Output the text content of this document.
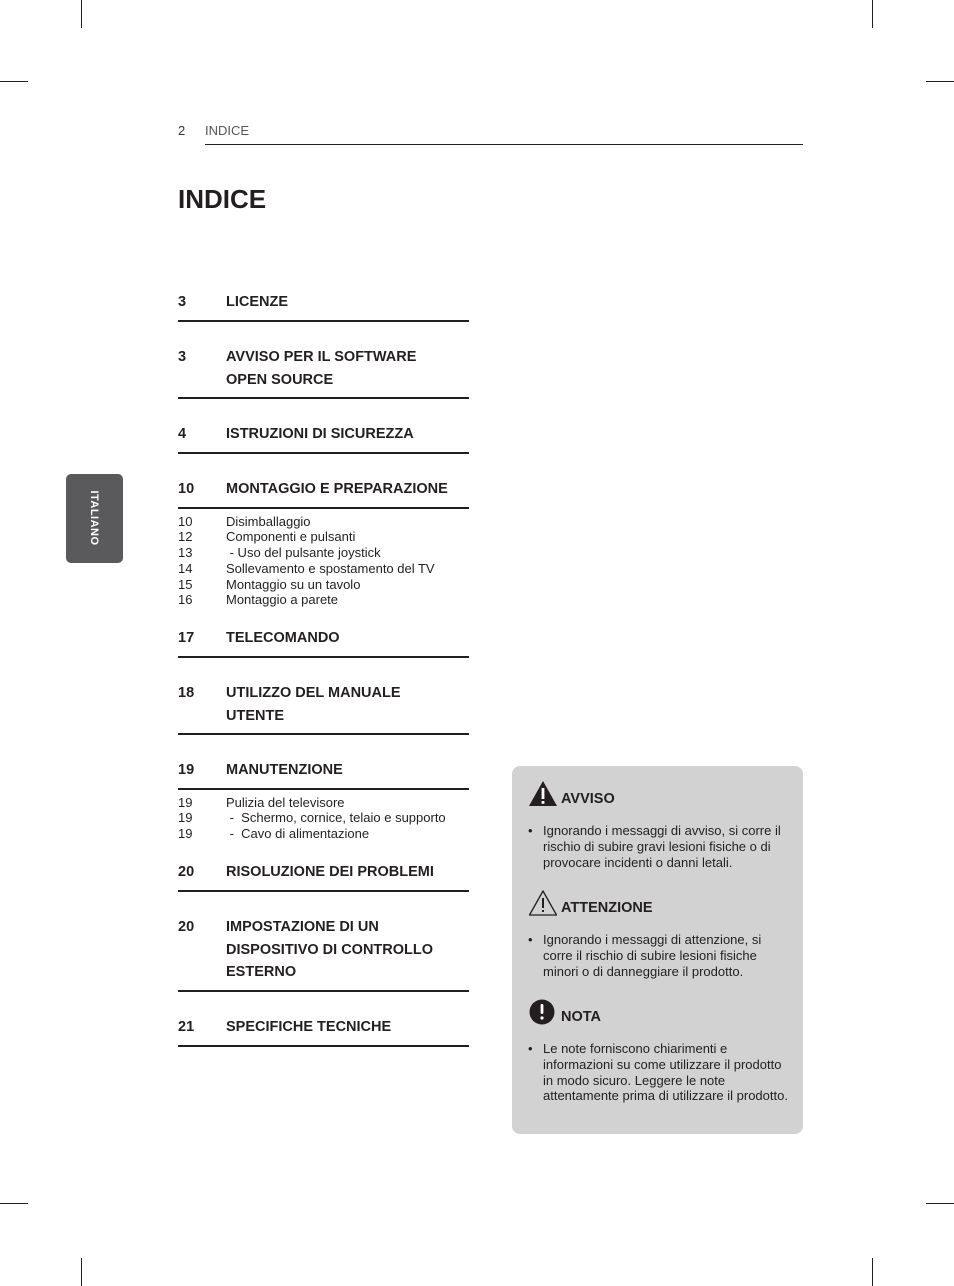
2 INDICE
INDICE
ITALIANO
3	LICENZE
3	AVVISO PER IL SOFTWARE OPEN SOURCE
4	ISTRUZIONI DI SICUREZZA
10 MONTAGGIO E PREPARAZIONE
10	Disimballaggio
12	Componenti e pulsanti
13	- Uso del pulsante joystick
14	Sollevamento e spostamento del TV
15	Montaggio su un tavolo
16	Montaggio a parete
17 TELECOMANDO
18 UTILIZZO DEL MANUALE UTENTE
19 MANUTENZIONE
19	Pulizia del televisore
19	-  Schermo, cornice, telaio e supporto
19	-  Cavo di alimentazione
20 RISOLUZIONE DEI PROBLEMI
20 IMPOSTAZIONE DI UN DISPOSITIVO DI CONTROLLO ESTERNO
21 SPECIFICHE TECNICHE
AVVISO
• Ignorando i messaggi di avviso, si corre il rischio di subire gravi lesioni fisiche o di provocare incidenti o danni letali.
ATTENZIONE
• Ignorando i messaggi di attenzione, si corre il rischio di subire lesioni fisiche minori o di danneggiare il prodotto.
NOTA
• Le note forniscono chiarimenti e informazioni su come utilizzare il prodotto in modo sicuro. Leggere le note attentamente prima di utilizzare il prodotto.
